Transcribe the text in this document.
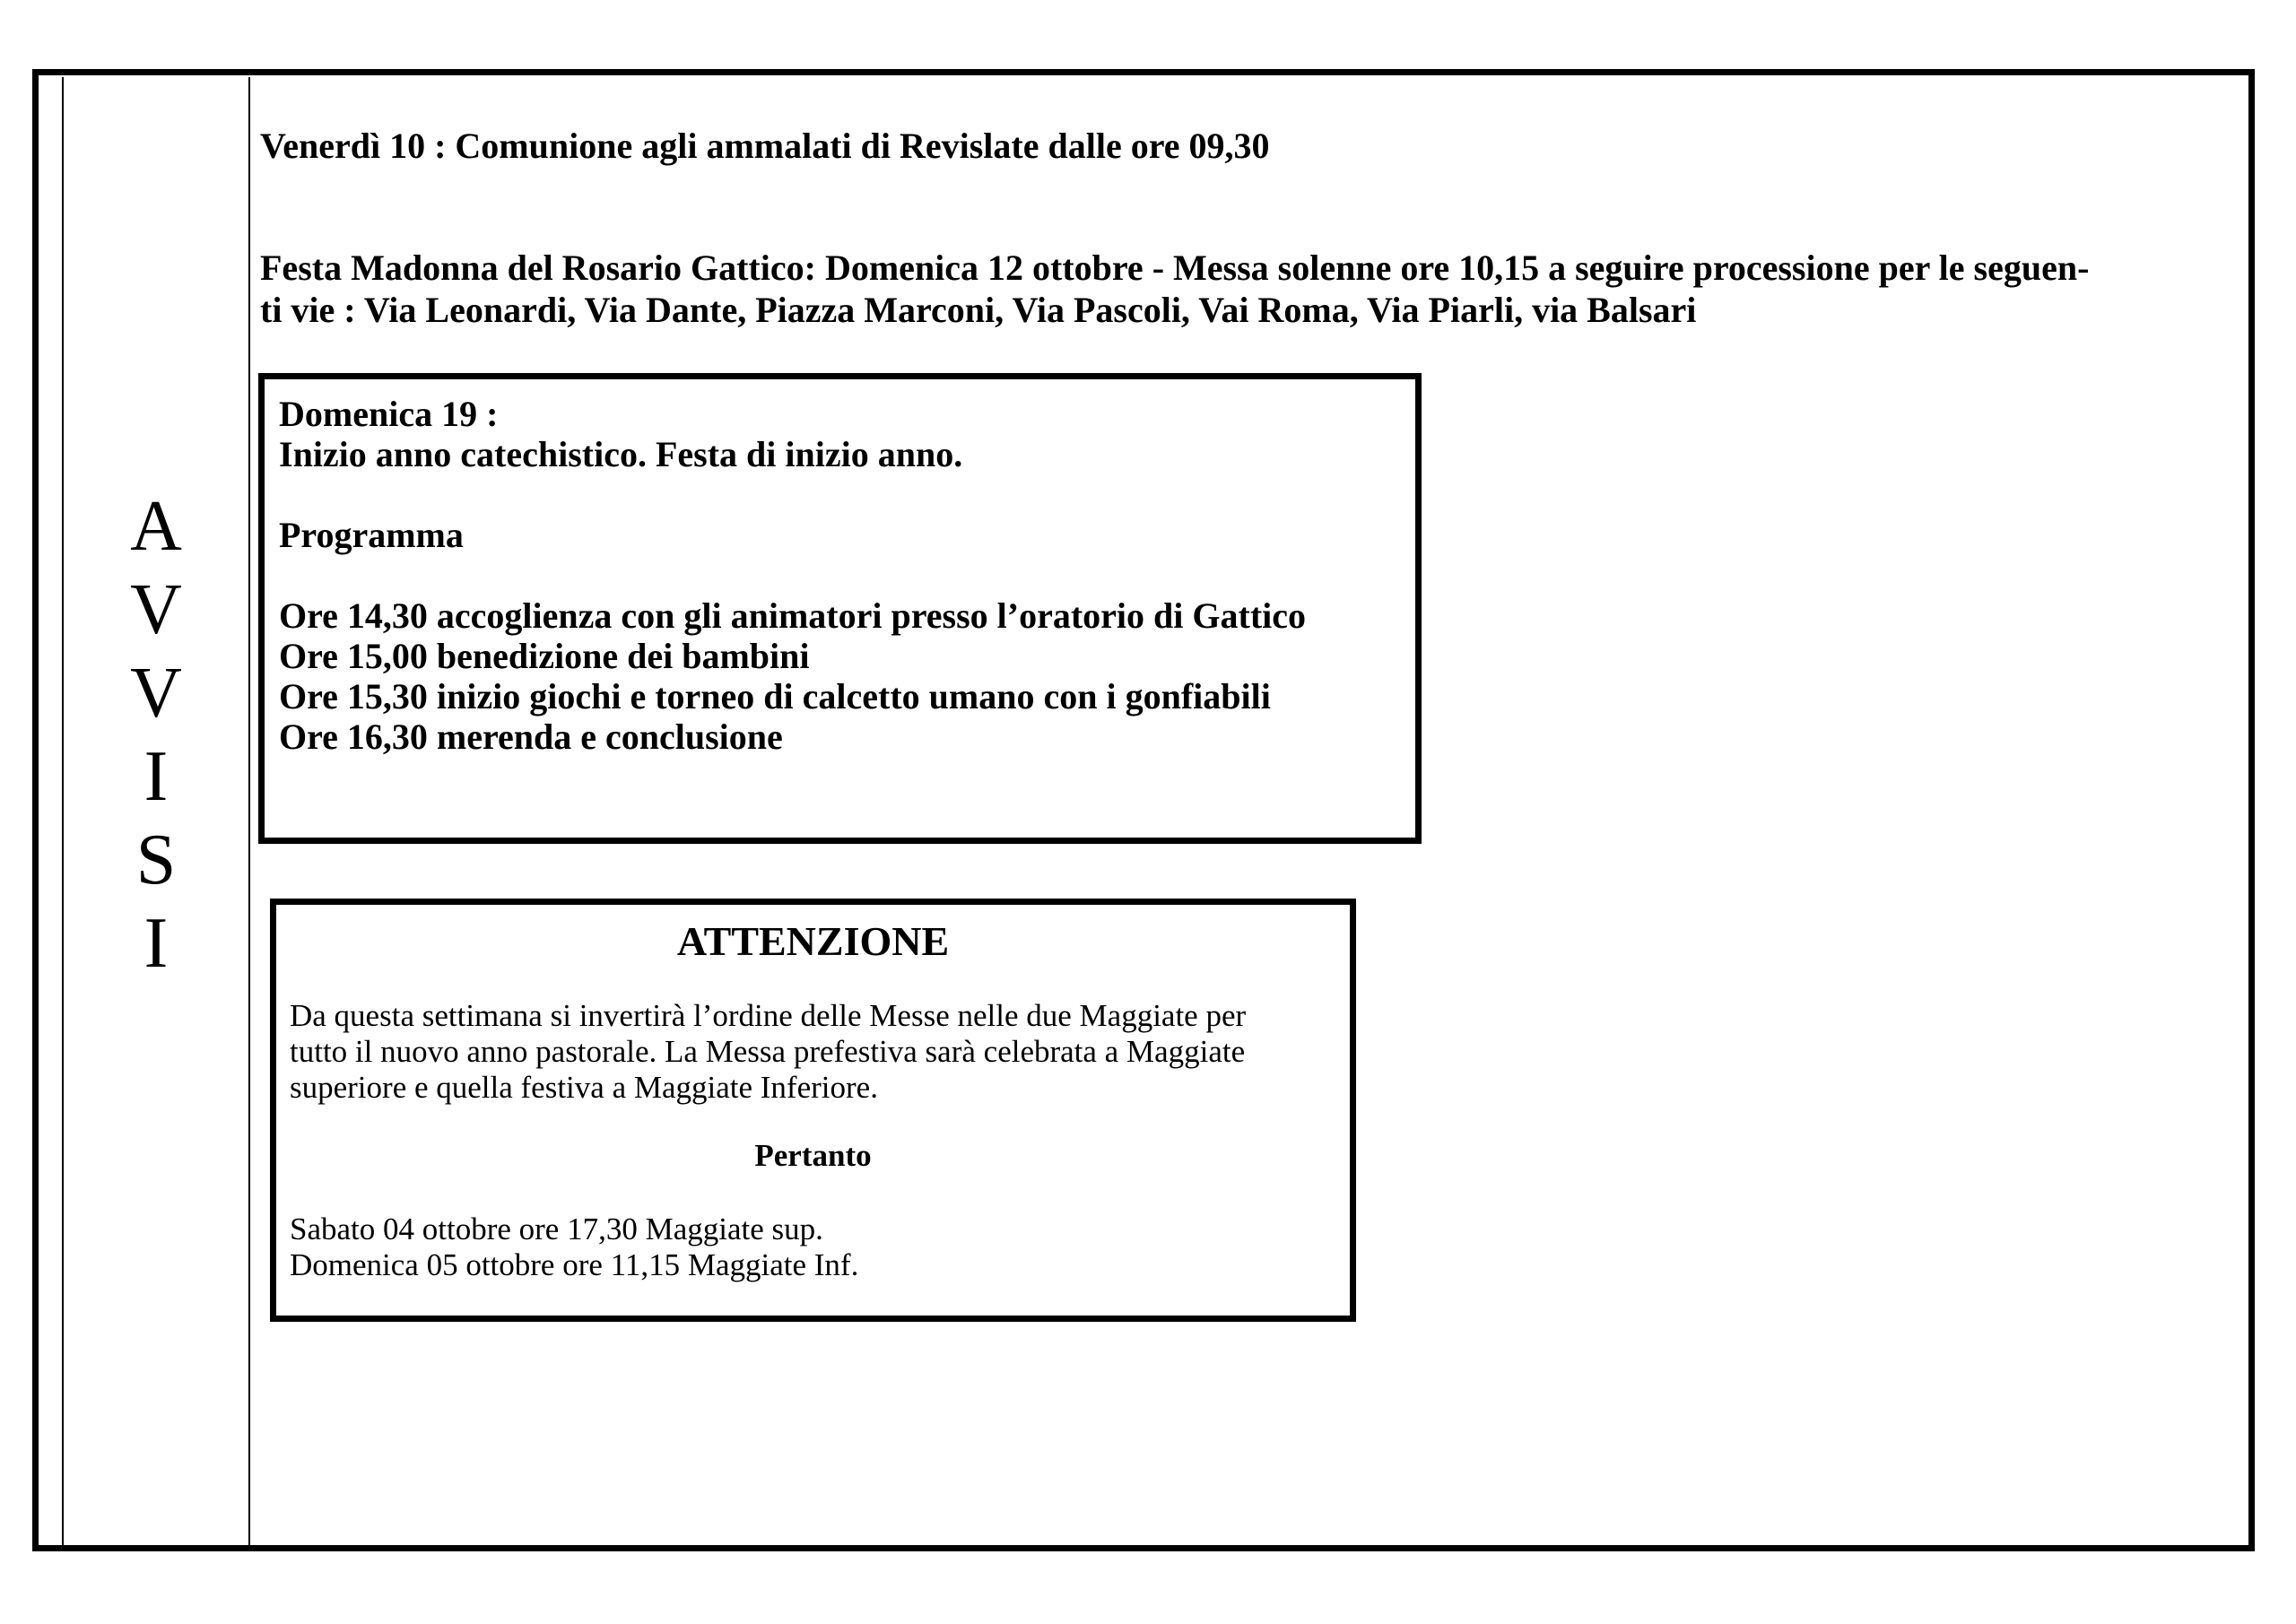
A
V
V
I
S
I
Venerdì 10 : Comunione agli ammalati di Revislate dalle ore 09,30
Festa Madonna del Rosario Gattico: Domenica 12 ottobre - Messa solenne ore 10,15 a seguire processione per le seguen-
ti vie : Via Leonardi, Via Dante, Piazza Marconi, Via Pascoli, Vai Roma, Via Piarli, via Balsari
Domenica 19 :
Inizio anno catechistico. Festa di inizio anno.
Programma
Ore 14,30 accoglienza con gli animatori presso l’oratorio di Gattico
Ore 15,00 benedizione dei bambini
Ore 15,30 inizio giochi e torneo di calcetto umano con i gonfiabili
Ore 16,30 merenda e conclusione
ATTENZIONE
Da questa settimana si invertirà l’ordine delle Messe nelle due Maggiate per
tutto il nuovo anno pastorale. La Messa prefestiva sarà celebrata a Maggiate
superiore e quella festiva a Maggiate Inferiore.
Pertanto
Sabato 04 ottobre ore 17,30 Maggiate sup.
Domenica 05 ottobre ore 11,15 Maggiate Inf.
